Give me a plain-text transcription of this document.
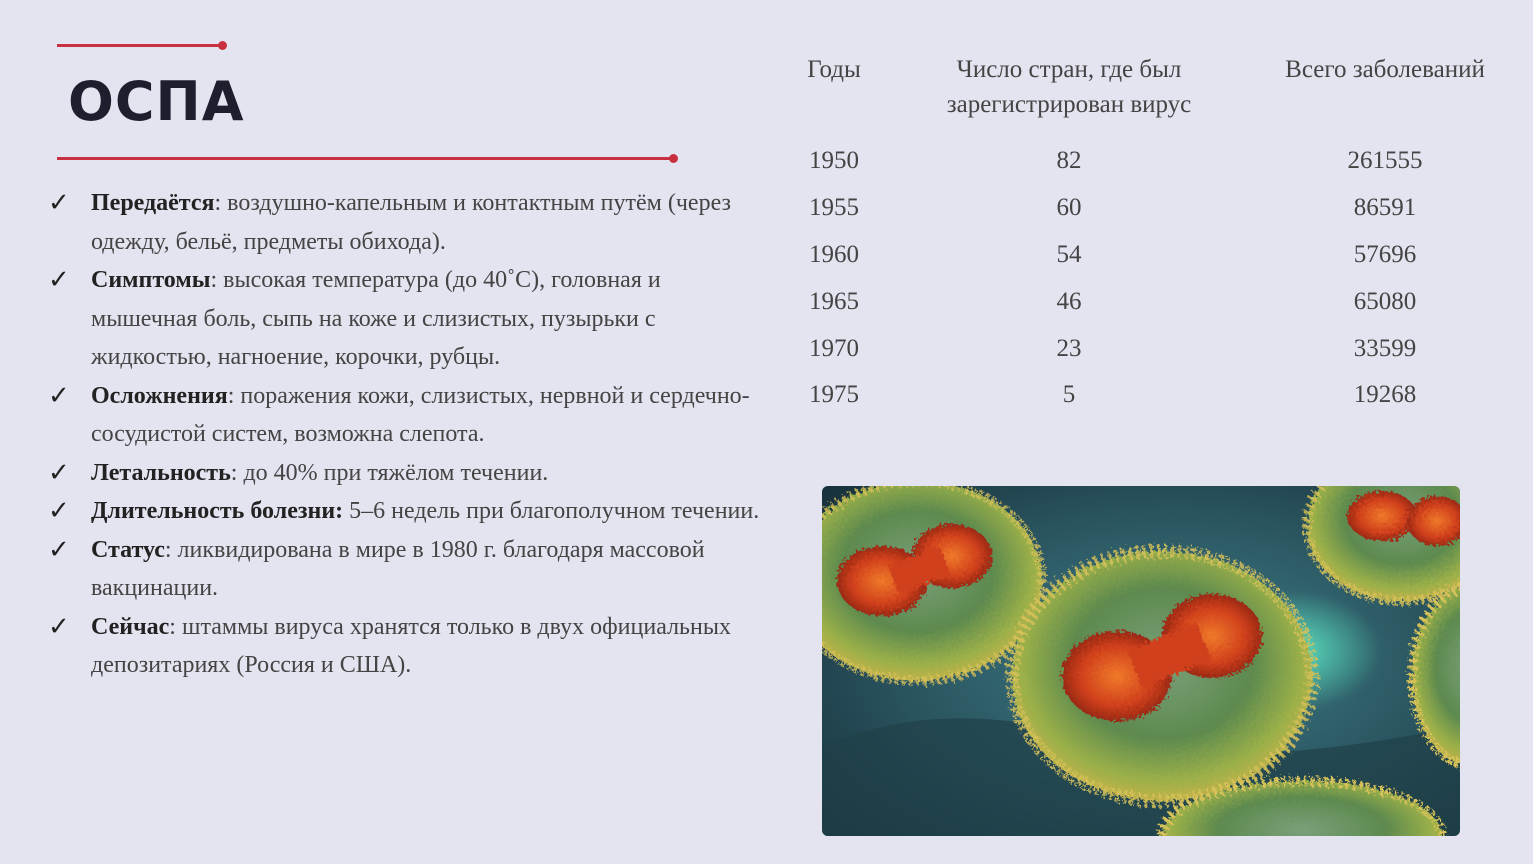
ОСПА
✓ Передаётся: воздушно-капельным и контактным путём (через одежду, бельё, предметы обихода).
✓ Симптомы: высокая температура (до 40˚С), головная и мышечная боль, сыпь на коже и слизистых, пузырьки с жидкостью, нагноение, корочки, рубцы.
✓ Осложнения: поражения кожи, слизистых, нервной и сердечно-сосудистой систем, возможна слепота.
✓ Летальность: до 40% при тяжёлом течении.
✓ Длительность болезни: 5–6 недель при благополучном течении.
✓ Статус: ликвидирована в мире в 1980 г. благодаря массовой вакцинации.
✓ Сейчас: штаммы вируса хранятся только в двух официальных депозитариях (Россия и США).
Годы	Число стран, где был зарегистрирован вирус	Всего заболеваний
1950	82	261555
1955	60	86591
1960	54	57696
1965	46	65080
1970	23	33599
1975	5	19268
